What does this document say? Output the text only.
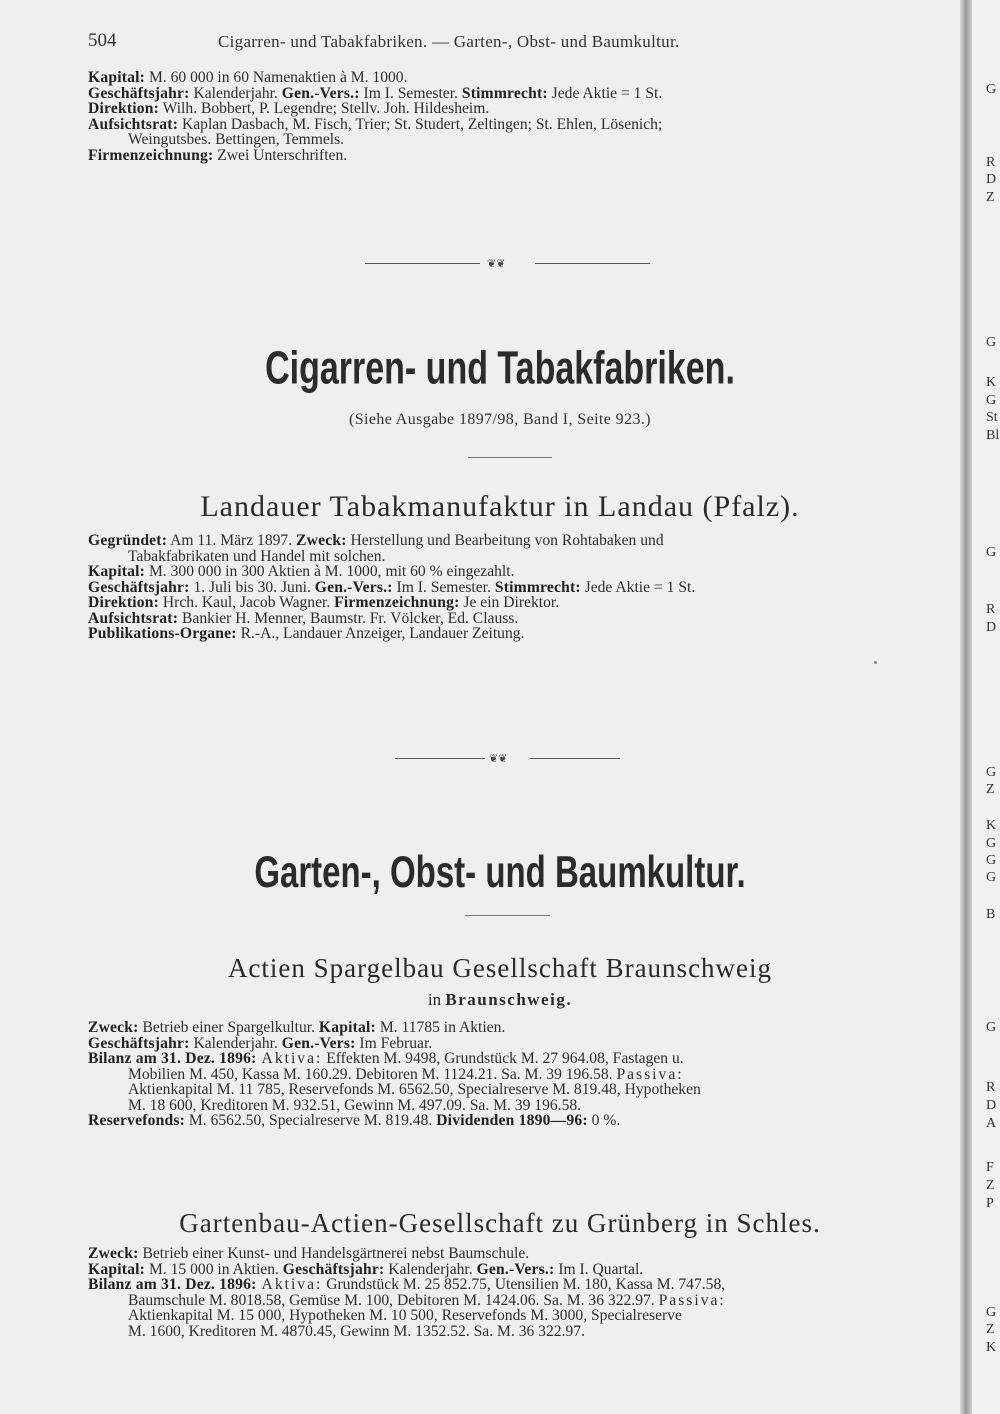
504	Cigarren- und Tabakfabriken. — Garten-, Obst- und Baumkultur.
Kapital: M. 60 000 in 60 Namenaktien à M. 1000.
Geschäftsjahr: Kalenderjahr. Gen.-Vers.: Im I. Semester. Stimmrecht: Jede Aktie = 1 St.
Direktion: Wilh. Bobbert, P. Legendre; Stellv. Joh. Hildesheim.
Aufsichtsrat: Kaplan Dasbach, M. Fisch, Trier; St. Studert, Zeltingen; St. Ehlen, Lösenich;
Weingutsbes. Bettingen, Temmels.
Firmenzeichnung: Zwei Unterschriften.
❦❦
Cigarren- und Tabakfabriken.
(Siehe Ausgabe 1897/98, Band I, Seite 923.)
Landauer Tabakmanufaktur in Landau (Pfalz).
Gegründet: Am 11. März 1897. Zweck: Herstellung und Bearbeitung von Rohtabaken und
Tabakfabrikaten und Handel mit solchen.
Kapital: M. 300 000 in 300 Aktien à M. 1000, mit 60 % eingezahlt.
Geschäftsjahr: 1. Juli bis 30. Juni. Gen.-Vers.: Im I. Semester. Stimmrecht: Jede Aktie = 1 St.
Direktion: Hrch. Kaul, Jacob Wagner. Firmenzeichnung: Je ein Direktor.
Aufsichtsrat: Bankier H. Menner, Baumstr. Fr. Völcker, Ed. Clauss.
Publikations-Organe: R.-A., Landauer Anzeiger, Landauer Zeitung.
❦❦
Garten-, Obst- und Baumkultur.
Actien Spargelbau Gesellschaft Braunschweig
in Braunschweig.
Zweck: Betrieb einer Spargelkultur. Kapital: M. 11785 in Aktien.
Geschäftsjahr: Kalenderjahr. Gen.-Vers: Im Februar.
Bilanz am 31. Dez. 1896: Aktiva: Effekten M. 9498, Grundstück M. 27 964.08, Fastagen u.
Mobilien M. 450, Kassa M. 160.29. Debitoren M. 1124.21. Sa. M. 39 196.58. Passiva:
Aktienkapital M. 11 785, Reservefonds M. 6562.50, Specialreserve M. 819.48, Hypotheken
M. 18 600, Kreditoren M. 932.51, Gewinn M. 497.09. Sa. M. 39 196.58.
Reservefonds: M. 6562.50, Specialreserve M. 819.48. Dividenden 1890—96: 0 %.
Gartenbau-Actien-Gesellschaft zu Grünberg in Schles.
Zweck: Betrieb einer Kunst- und Handelsgärtnerei nebst Baumschule.
Kapital: M. 15 000 in Aktien. Geschäftsjahr: Kalenderjahr. Gen.-Vers.: Im I. Quartal.
Bilanz am 31. Dez. 1896: Aktiva: Grundstück M. 25 852.75, Utensilien M. 180, Kassa M. 747.58,
Baumschule M. 8018.58, Gemüse M. 100, Debitoren M. 1424.06. Sa. M. 36 322.97. Passiva:
Aktienkapital M. 15 000, Hypotheken M. 10 500, Reservefonds M. 3000, Specialreserve
M. 1600, Kreditoren M. 4870.45, Gewinn M. 1352.52. Sa. M. 36 322.97.
G
R
D
Z
G
K
G
St
Bl
G
R
D
G
Z
K
G
G
G
B
G
R
D
A
F
Z
P
G
Z
K
